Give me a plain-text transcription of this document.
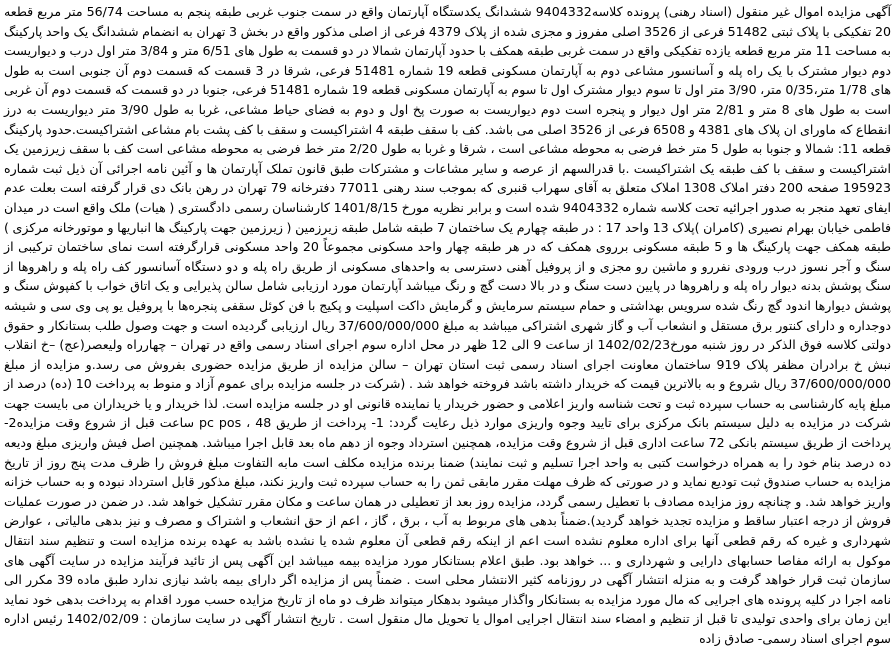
آگهی مزایده اموال غیر منقول (اسناد رهنی) پرونده کلاسه9404332 ششدانگ یکدستگاه آپارتمان واقع در سمت جنوب غربی طبقه پنجم به مساحت 56/74 متر مربع قطعه 20 تفکیکی با پلاک ثبتی 51482 فرعی از 3526 اصلی مفروز و مجزی شده از پلاک 4379 فرعی از اصلی مذکور واقع در بخش 3 تهران به انضمام ششدانگ یک واحد پارکینگ به مساحت 11 متر مربع قطعه یازده تفکیکی واقع در سمت غربی طبقه همکف با حدود آپارتمان شمالا در دو قسمت به طول های 6/51 متر و 3/84 متر اول درب و دیواریست دوم دیوار مشترک با یک راه پله و آسانسور مشاعی دوم به آپارتمان مسکونی قطعه 19 شماره 51481 فرعی، شرقا در 3 قسمت که قسمت دوم آن جنوبی است به طول های 1/78 متر،0/35 متر، 3/90 متر اول تا سوم دیوار مشترک اول تا سوم به آپارتمان مسکونی قطعه 19 شماره 51481 فرعی، جنوبا در دو قسمت که قسمت دوم آن غربی است به طول های 8 متر و 2/81 متر اول دیوار و پنجره است دوم دیواریست به صورت پخ اول و دوم به فضای حیاط مشاعی، غربا به طول 3/90 متر دیواریست به درز انقطاع که ماورای ان پلاک های 4381 و 6508 فرعی از 3526 اصلی می باشد. کف با سقف طبقه 4 اشتراکیست و سقف با کف پشت بام مشاعی اشتراکیست.حدود پارکینگ قطعه 11: شمالا و جنوبا به طول 5 متر خط فرضی به محوطه مشاعی است ، شرقا و غربا به طول 2/20 متر خط فرضی به محوطه مشاعی است کف با سقف زیرزمین یک اشتراکیست و سقف با کف طبقه یک اشتراکیست .با قدرالسهم از عرصه و سایر مشاعات و مشترکات طبق قانون تملک آپارتمان ها و آئین نامه اجرائی آن ذیل ثبت شماره 195923 صفحه 200 دفتر املاک 1308 املاک متعلق به آقای سهراب قنبری که بموجب سند رهنی 77011 دفترخانه 79 تهران در رهن بانک دی قرار گرفته است بعلت عدم ایفای تعهد منجر به صدور اجرائیه تحت کلاسه شماره 9404332 شده است و برابر نظریه مورخ 1401/8/15 کارشناسان رسمی دادگستری ( هیات) ملک واقع است در میدان فاطمی خیابان بهرام نصیری (کامران )پلاک 13 واحد 17 : در طبقه چهارم یک ساختمان 7 طبقه شامل طبقه زیرزمین ( زیرزمین جهت پارکینگ ها انباریها و موتورخانه مرکزی ) طبقه همکف جهت پارکینگ ها و 5 طبقه مسکونی برروی همکف که در هر طبقه چهار واحد مسکونی مجموعاً 20 واحد مسکونی قرارگرفته است نمای ساختمان ترکیبی از سنگ و آجر نسوز درب ورودی نفررو و ماشین رو مجزی و از پروفیل آهنی دسترسی به واحدهای مسکونی از طریق راه پله و دو دستگاه آسانسور کف راه پله و راهروها از سنگ پوشش بدنه دیوار راه پله و راهروها در پایین دست سنگ و در بالا دست گچ و رنگ میباشد آپارتمان مورد ارزیابی شامل سالن پذیرایی و یک اتاق خواب با کفپوش سنگ و پوشش دیوارها اندود گچ رنگ شده سرویس بهداشتی و حمام سیستم سرمایش و گرمایش داکت اسپلیت و پکیج با فن کوئل سقفی پنجره‌ها با پروفیل یو پی وی سی و شیشه دوجداره و دارای کنتور برق مستقل و انشعاب آب و گاز شهری اشتراکی میباشد به مبلغ 37/600/000/000 ریال ارزیابی گردیده است و جهت وصول طلب بستانکار و حقوق دولتی کلاسه فوق الذکر در روز شنبه مورخ1402/02/23 از ساعت 9 الی 12 ظهر در محل اداره سوم اجرای اسناد رسمی واقع در تهران – چهارراه ولیعصر(عج) –خ انقلاب نبش خ برادران مظفر پلاک 919 ساختمان معاونت اجرای اسناد رسمی ثبت استان تهران – سالن مزایده از طریق مزایده حضوری بفروش می رسد.و مزایده از مبلغ 37/600/000/000 ریال شروع و به بالاترین قیمت که خریدار داشته باشد فروخته خواهد شد . (شرکت در جلسه مزایده برای عموم آزاد و منوط به پرداخت 10 (ده) درصد از مبلغ پایه کارشناسی به حساب سپرده ثبت و تحت شناسه واریز اعلامی و حضور خریدار یا نماینده قانونی او در جلسه مزایده است. لذا خریدار و یا خریداران می بایست جهت شرکت در مزایده به دلیل سیستم بانک مرکزی برای تایید وجوه واریزی موارد ذیل رعایت گردد: 1- پرداخت از طریق 48 ، pc pos ساعت قبل از شروع وقت مزایده2- پرداخت از طریق سیستم بانکی 72 ساعت اداری قبل از شروع وقت مزایده، همچنین استرداد وجوه از دهم ماه بعد قابل اجرا میباشد. همچنین اصل فیش واریزی مبلغ ودیعه ده درصد بنام خود را به همراه درخواست کتبی به واحد اجرا تسلیم و ثبت نمایند) ضمنا برنده مزایده مکلف است مابه التفاوت مبلغ فروش را ظرف مدت پنج روز از تاریخ مزایده به حساب صندوق ثبت تودیع نماید و در صورتی که ظرف مهلت مقرر مابقی ثمن را به حساب سپرده ثبت واریز نکند، مبلغ مذکور قابل استرداد نبوده و به حساب خزانه واریز خواهد شد. و چنانچه روز مزایده مصادف با تعطیل رسمی گردد، مزایده روز بعد از تعطیلی در همان ساعت و مکان مقرر تشکیل خواهد شد. در ضمن در صورت عملیات فروش از درجه اعتبار ساقط و مزایده تجدید خواهد گردید).ضمناً بدهی های مربوط به آب ، برق ، گاز ، اعم از حق انشعاب و اشتراک و مصرف و نیز بدهی مالیاتی ، عوارض شهرداری و غیره که رقم قطعی آنها برای اداره معلوم نشده است اعم از اینکه رقم قطعی آن معلوم شده یا نشده باشد به عهده برنده مزایده است و تنظیم سند انتقال موکول به ارائه مفاصا حسابهای دارایی و شهرداری و ... خواهد بود. طبق اعلام بستانکار مورد مزایده بیمه میباشد این آگهی پس از تائید فرآیند مزایده در سایت آگهی های سازمان ثبت قرار خواهد گرفت و به منزله انتشار آگهی در روزنامه کثیر الانتشار محلی است . ضمناً پس از مزایده اگر دارای بیمه باشد نیازی ندارد طبق ماده 39 مکرر الی نامه اجرا در کلیه پرونده های اجرایی که مال مورد مزایده به بستانکار واگذار میشود بدهکار میتواند ظرف دو ماه از تاریخ مزایده حسب مورد اقدام به پرداخت بدهی خود نماید این زمان برای واحدی تولیدی تا قبل از تنظیم و امضاء سند انتقال اجرایی اموال یا تحویل مال منقول است . تاریخ انتشار آگهی در سایت سازمان : 1402/02/09 رئیس اداره سوم اجرای اسناد رسمی- صادق زاده
